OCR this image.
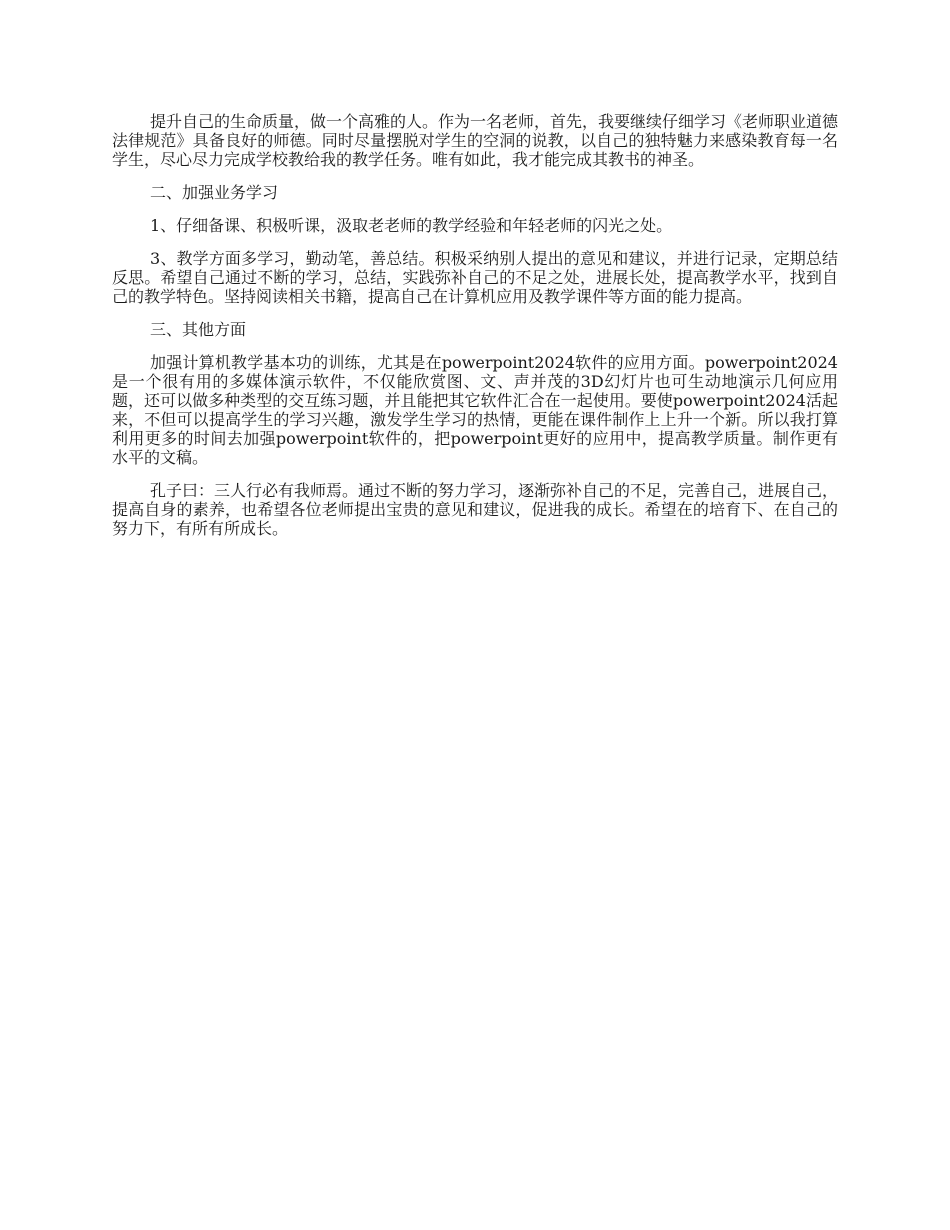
提升自己的生命质量，做一个高雅的人。作为一名老师，首先，我要继续仔细学习《老师职业道德法律规范》具备良好的师德。同时尽量摆脱对学生的空洞的说教，以自己的独特魅力来感染教育每一名学生，尽心尽力完成学校教给我的教学任务。唯有如此，我才能完成其教书的神圣。

二、加强业务学习

1、仔细备课、积极听课，汲取老老师的教学经验和年轻老师的闪光之处。

3、教学方面多学习，勤动笔，善总结。积极采纳别人提出的意见和建议，并进行记录，定期总结反思。希望自己通过不断的学习，总结，实践弥补自己的不足之处，进展长处，提高教学水平，找到自己的教学特色。坚持阅读相关书籍，提高自己在计算机应用及教学课件等方面的能力提高。

三、其他方面

加强计算机教学基本功的训练，尤其是在powerpoint2024软件的应用方面。powerpoint2024是一个很有用的多媒体演示软件，不仅能欣赏图、文、声并茂的3D幻灯片也可生动地演示几何应用题，还可以做多种类型的交互练习题，并且能把其它软件汇合在一起使用。要使powerpoint2024活起来，不但可以提高学生的学习兴趣，激发学生学习的热情，更能在课件制作上上升一个新。所以我打算利用更多的时间去加强powerpoint软件的，把powerpoint更好的应用中，提高教学质量。制作更有水平的文稿。

孔子曰：三人行必有我师焉。通过不断的努力学习，逐渐弥补自己的不足，完善自己，进展自己，提高自身的素养，也希望各位老师提出宝贵的意见和建议，促进我的成长。希望在的培育下、在自己的努力下，有所有所成长。
